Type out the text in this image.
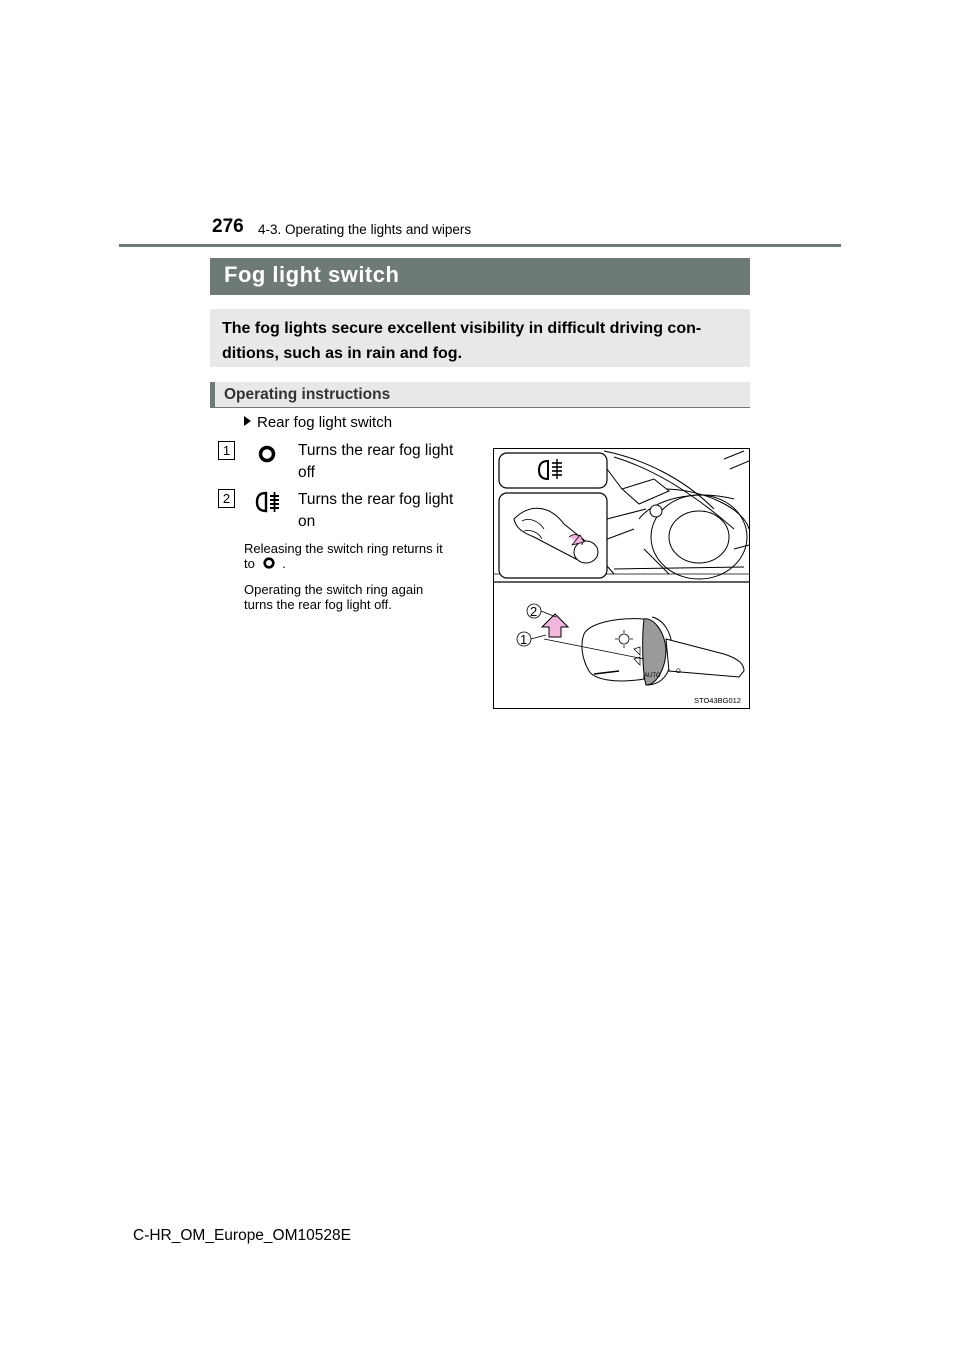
276 4-3. Operating the lights and wipers
Fog light switch
The fog lights secure excellent visibility in difficult driving con-
ditions, such as in rain and fog.
Operating instructions
Rear fog light switch
1	Turns the rear fog light
off
2	Turns the rear fog light
on
Releasing the switch ring returns it
to .
Operating the switch ring again
turns the rear fog light off.
AUTO
O
2
1
STO43BG012
C-HR_OM_Europe_OM10528E
